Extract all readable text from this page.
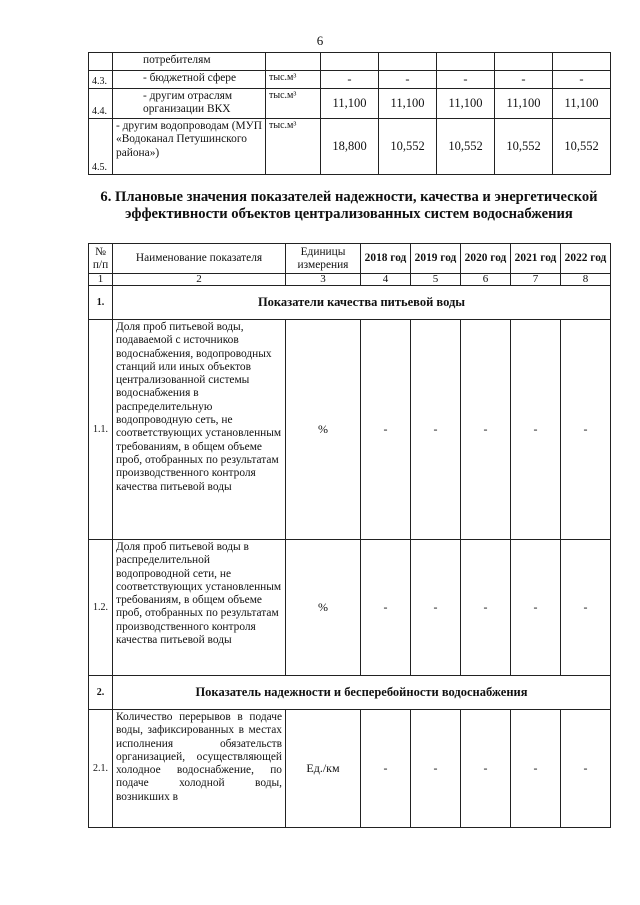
6
	потребителям						
4.3.	- бюджетной сфере	тыс.м³	-	-	-	-	-
4.4.	- другим отраслям организации ВКХ	тыс.м³	11,100	11,100	11,100	11,100	11,100
4.5.	- другим водопроводам (МУП «Водоканал Петушинского района»)	тыс.м³	18,800	10,552	10,552	10,552	10,552
6. Плановые значения показателей надежности, качества и энергетической эффективности объектов централизованных систем водоснабжения
№ п/п	Наименование показателя	Единицы измерения	2018 год	2019 год	2020 год	2021 год	2022 год
1	2	3	4	5	6	7	8
1.	Показатели качества питьевой воды						
1.1.	Доля проб питьевой воды, подаваемой с источников водоснабжения, водопроводных станций или иных объектов централизованной системы водоснабжения в распределительную водопроводную сеть, не соответствующих установленным требованиям, в общем объеме проб, отобранных по результатам производственного контроля качества питьевой воды	%	-	-	-	-	-
1.2.	Доля проб питьевой воды в распределительной водопроводной сети, не соответствующих установленным требованиям, в общем объеме проб, отобранных по результатам производственного контроля качества питьевой воды	%	-	-	-	-	-
2.	Показатель надежности и бесперебойности водоснабжения						
2.1.	Количество перерывов в подаче воды, зафиксированных в местах исполнения обязательств организацией, осуществляющей холодное водоснабжение, по подаче холодной воды, возникших в	Ед./км	-	-	-	-	-
